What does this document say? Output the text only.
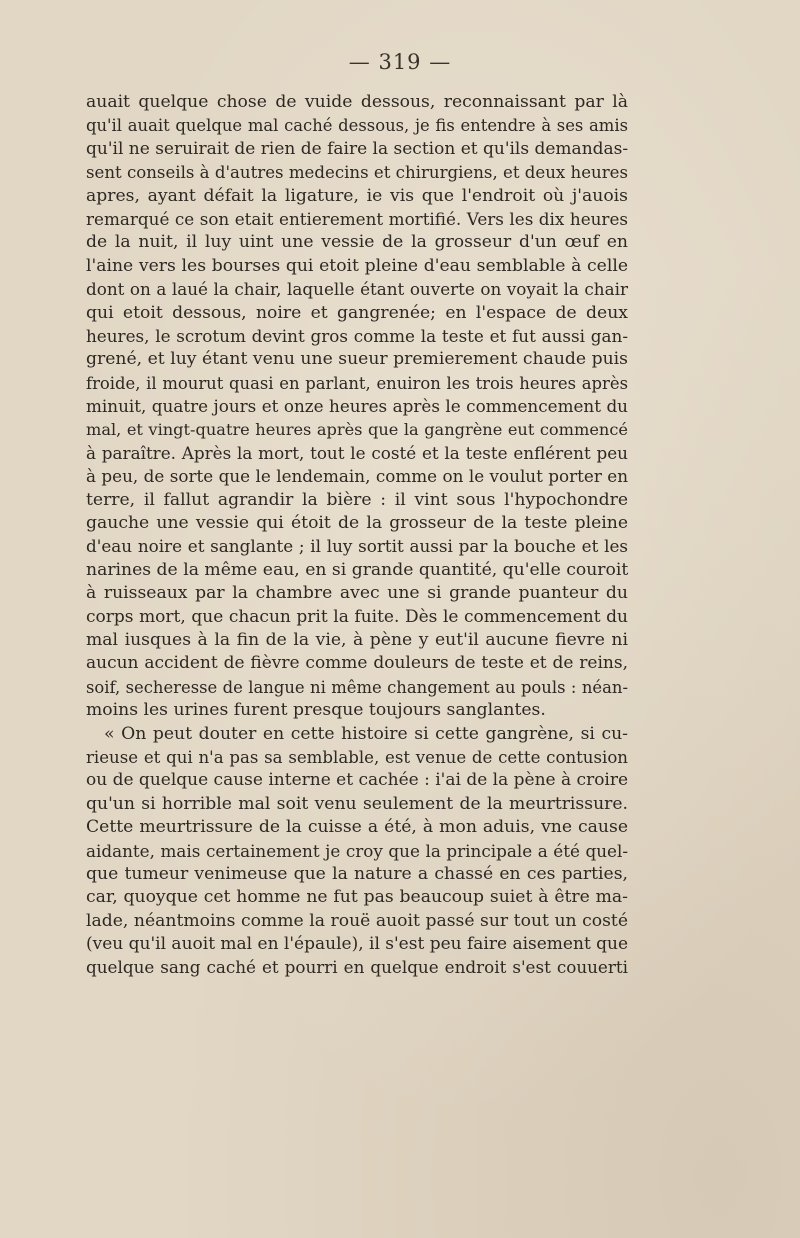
— 319 —
auait quelque chose de vuide dessous, reconnaissant par là
qu'il auait quelque mal caché dessous, je fis entendre à ses amis
qu'il ne seruirait de rien de faire la section et qu'ils demandas-
sent conseils à d'autres medecins et chirurgiens, et deux heures
apres, ayant défait la ligature, ie vis que l'endroit où j'auois
remarqué ce son etait entierement mortifié. Vers les dix heures
de la nuit, il luy uint une vessie de la grosseur d'un œuf en
l'aine vers les bourses qui etoit pleine d'eau semblable à celle
dont on a laué la chair, laquelle étant ouverte on voyait la chair
qui etoit dessous, noire et gangrenée; en l'espace de deux
heures, le scrotum devint gros comme la teste et fut aussi gan-
grené, et luy étant venu une sueur premierement chaude puis
froide, il mourut quasi en parlant, enuiron les trois heures après
minuit, quatre jours et onze heures après le commencement du
mal, et vingt-quatre heures après que la gangrène eut commencé
à paraître. Après la mort, tout le costé et la teste enflérent peu
à peu, de sorte que le lendemain, comme on le voulut porter en
terre, il fallut agrandir la bière : il vint sous l'hypochondre
gauche une vessie qui étoit de la grosseur de la teste pleine
d'eau noire et sanglante ; il luy sortit aussi par la bouche et les
narines de la même eau, en si grande quantité, qu'elle couroit
à ruisseaux par la chambre avec une si grande puanteur du
corps mort, que chacun prit la fuite. Dès le commencement du
mal iusques à la fin de la vie, à pène y eut'il aucune fievre ni
aucun accident de fièvre comme douleurs de teste et de reins,
soif, secheresse de langue ni même changement au pouls : néan-
moins les urines furent presque toujours sanglantes.
« On peut douter en cette histoire si cette gangrène, si cu-
rieuse et qui n'a pas sa semblable, est venue de cette contusion
ou de quelque cause interne et cachée : i'ai de la pène à croire
qu'un si horrible mal soit venu seulement de la meurtrissure.
Cette meurtrissure de la cuisse a été, à mon aduis, vne cause
aidante, mais certainement je croy que la principale a été quel-
que tumeur venimeuse que la nature a chassé en ces parties,
car, quoyque cet homme ne fut pas beaucoup suiet à être ma-
lade, néantmoins comme la rouë auoit passé sur tout un costé
(veu qu'il auoit mal en l'épaule), il s'est peu faire aisement que
quelque sang caché et pourri en quelque endroit s'est couuerti
